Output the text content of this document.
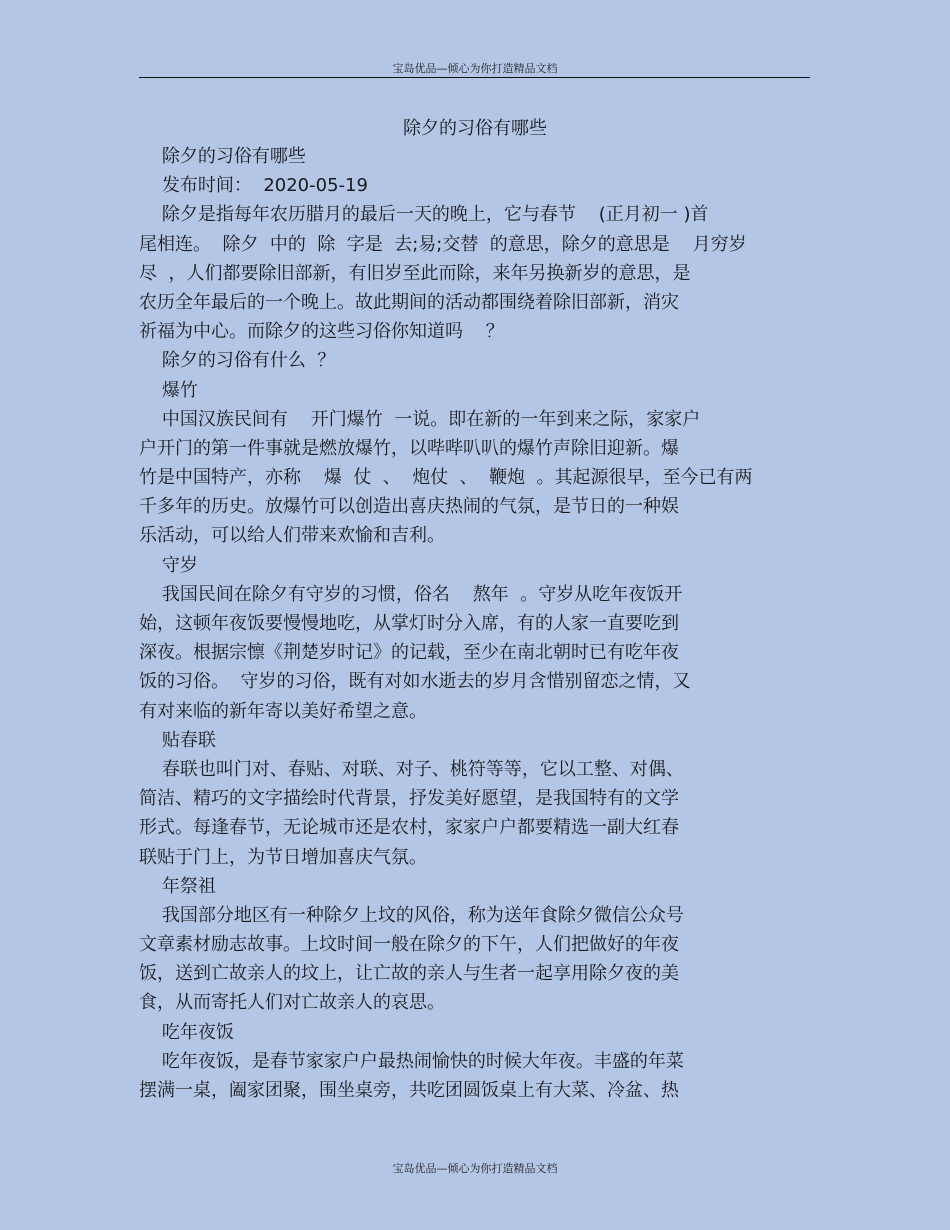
宝岛优品—倾心为你打造精品文档
除夕的习俗有哪些
除夕的习俗有哪些
发布时间：  2020-05-19
除夕是指每年农历腊月的最后一天的晚上，它与春节    (正月初一 )首
尾相连。  除夕  中的  除  字是  去;易;交替  的意思，除夕的意思是    月穷岁
尽  ，人们都要除旧部新，有旧岁至此而除，来年另换新岁的意思，是
农历全年最后的一个晚上。故此期间的活动都围绕着除旧部新，消灾
祈福为中心。而除夕的这些习俗你知道吗    ？
除夕的习俗有什么  ？
爆竹
中国汉族民间有    开门爆竹  一说。即在新的一年到来之际，家家户
户开门的第一件事就是燃放爆竹，以哔哔叭叭的爆竹声除旧迎新。爆
竹是中国特产，亦称    爆  仗  、  炮仗  、  鞭炮  。其起源很早，至今已有两
千多年的历史。放爆竹可以创造出喜庆热闹的气氛，是节日的一种娱
乐活动，可以给人们带来欢愉和吉利。
守岁
我国民间在除夕有守岁的习惯，俗名    熬年  。守岁从吃年夜饭开
始，这顿年夜饭要慢慢地吃，从掌灯时分入席，有的人家一直要吃到
深夜。根据宗懔《荆楚岁时记》的记载，至少在南北朝时已有吃年夜
饭的习俗。  守岁的习俗，既有对如水逝去的岁月含惜别留恋之情，又
有对来临的新年寄以美好希望之意。
贴春联
春联也叫门对、春贴、对联、对子、桃符等等，它以工整、对偶、
简洁、精巧的文字描绘时代背景，抒发美好愿望，是我国特有的文学
形式。每逢春节，无论城市还是农村，家家户户都要精选一副大红春
联贴于门上，为节日增加喜庆气氛。
年祭祖
我国部分地区有一种除夕上坟的风俗，称为送年食除夕微信公众号
文章素材励志故事。上坟时间一般在除夕的下午，人们把做好的年夜
饭，送到亡故亲人的坟上，让亡故的亲人与生者一起享用除夕夜的美
食，从而寄托人们对亡故亲人的哀思。
吃年夜饭
吃年夜饭，是春节家家户户最热闹愉快的时候大年夜。丰盛的年菜
摆满一桌，阖家团聚，围坐桌旁，共吃团圆饭桌上有大菜、冷盆、热
宝岛优品—倾心为你打造精品文档
